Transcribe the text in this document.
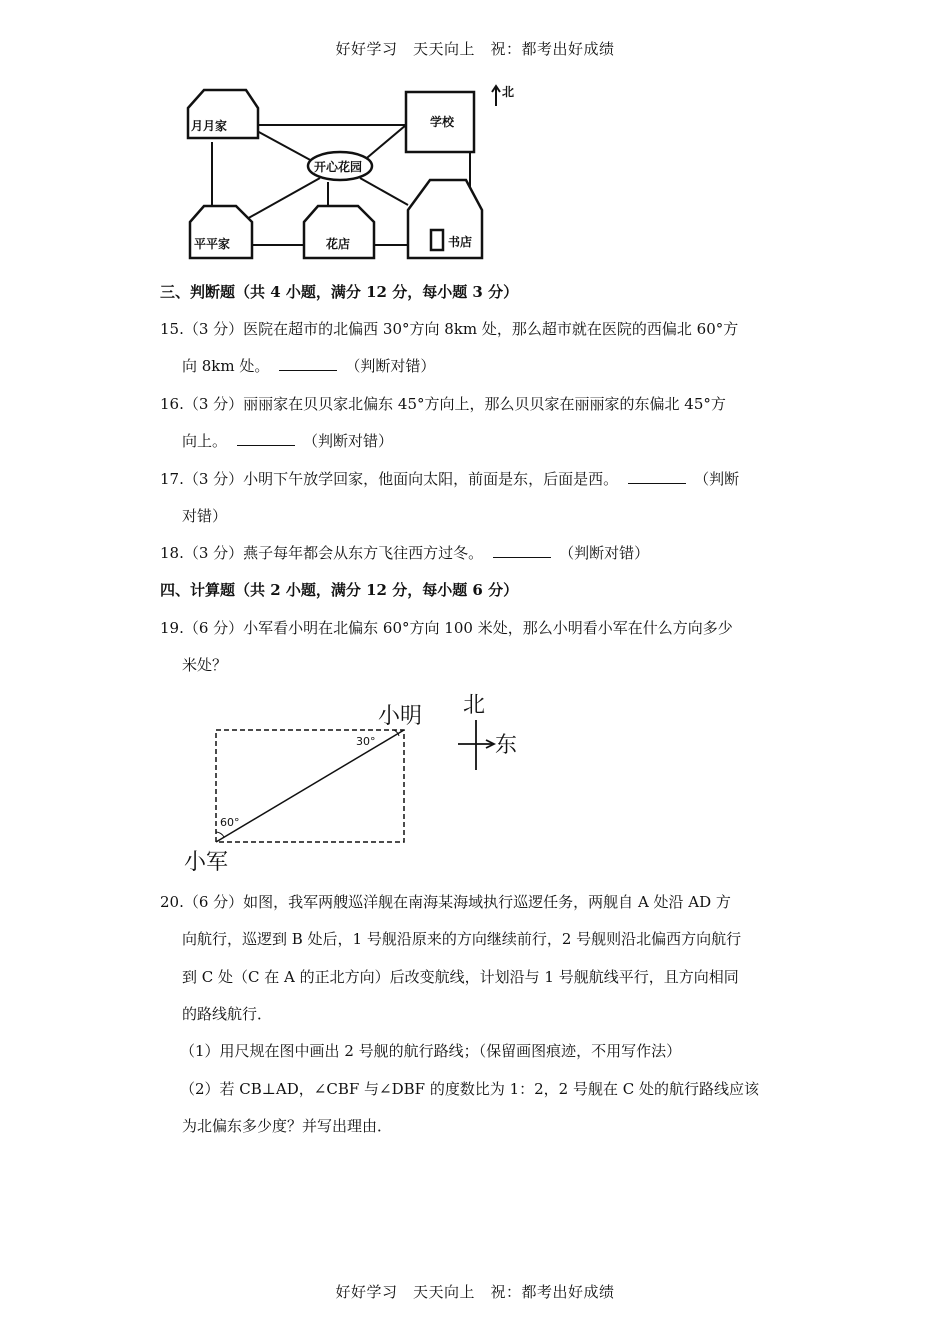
好好学习　天天向上　祝：都考出好成绩
北
月月家	学校
开心花园
平平家	花店	书店
三、判断题（共 4 小题，满分 12 分，每小题 3 分）
15.（3 分）医院在超市的北偏西 30°方向 8km 处，那么超市就在医院的西偏北 60°方
向 8km 处。	（判断对错）
16.（3 分）丽丽家在贝贝家北偏东 45°方向上，那么贝贝家在丽丽家的东偏北 45°方
向上。	（判断对错）
17.（3 分）小明下午放学回家，他面向太阳，前面是东，后面是西。	（判断
对错）
18.（3 分）燕子每年都会从东方飞往西方过冬。	（判断对错）
四、计算题（共 2 小题，满分 12 分，每小题 6 分）
19.（6 分）小军看小明在北偏东 60°方向 100 米处，那么小明看小军在什么方向多少
米处？
30°
60°
小明
小军
北
东
20.（6 分）如图，我军两艘巡洋舰在南海某海域执行巡逻任务，两舰自 A 处沿 AD 方
向航行，巡逻到 B 处后，1 号舰沿原来的方向继续前行，2 号舰则沿北偏西方向航行
到 C 处（C 在 A 的正北方向）后改变航线，计划沿与 1 号舰航线平行，且方向相同
的路线航行．
（1）用尺规在图中画出 2 号舰的航行路线；（保留画图痕迹，不用写作法）
（2）若 CB⊥AD，∠CBF 与∠DBF 的度数比为 1：2，2 号舰在 C 处的航行路线应该
为北偏东多少度？并写出理由．
好好学习　天天向上　祝：都考出好成绩
